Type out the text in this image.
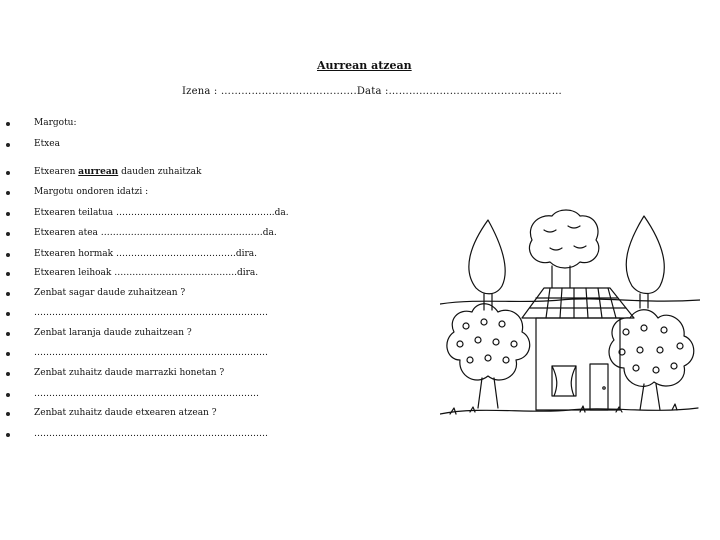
Aurrean atzean
Izena : ………………………………….Data :……………………………………………
Margotu:
Etxea
Etxearen aurrean dauden zuhaitzak
Margotu ondoren idatzi :
Etxearen teilatua ……………………………………………..da.
Etxearen atea ………………………………………………da.
Etxearen hormak ………………………………….dira.
Etxearen leihoak …………………………………..dira.
Zenbat sagar daude zuhaitzean ?
……………………………………………………………………
Zenbat laranja daude zuhaitzean ?
……………………………………………………………………
Zenbat zuhaitz daude marrazki honetan ?
…………………………………………………………………
Zenbat zuhaitz daude etxearen atzean ?
……………………………………………………………………
